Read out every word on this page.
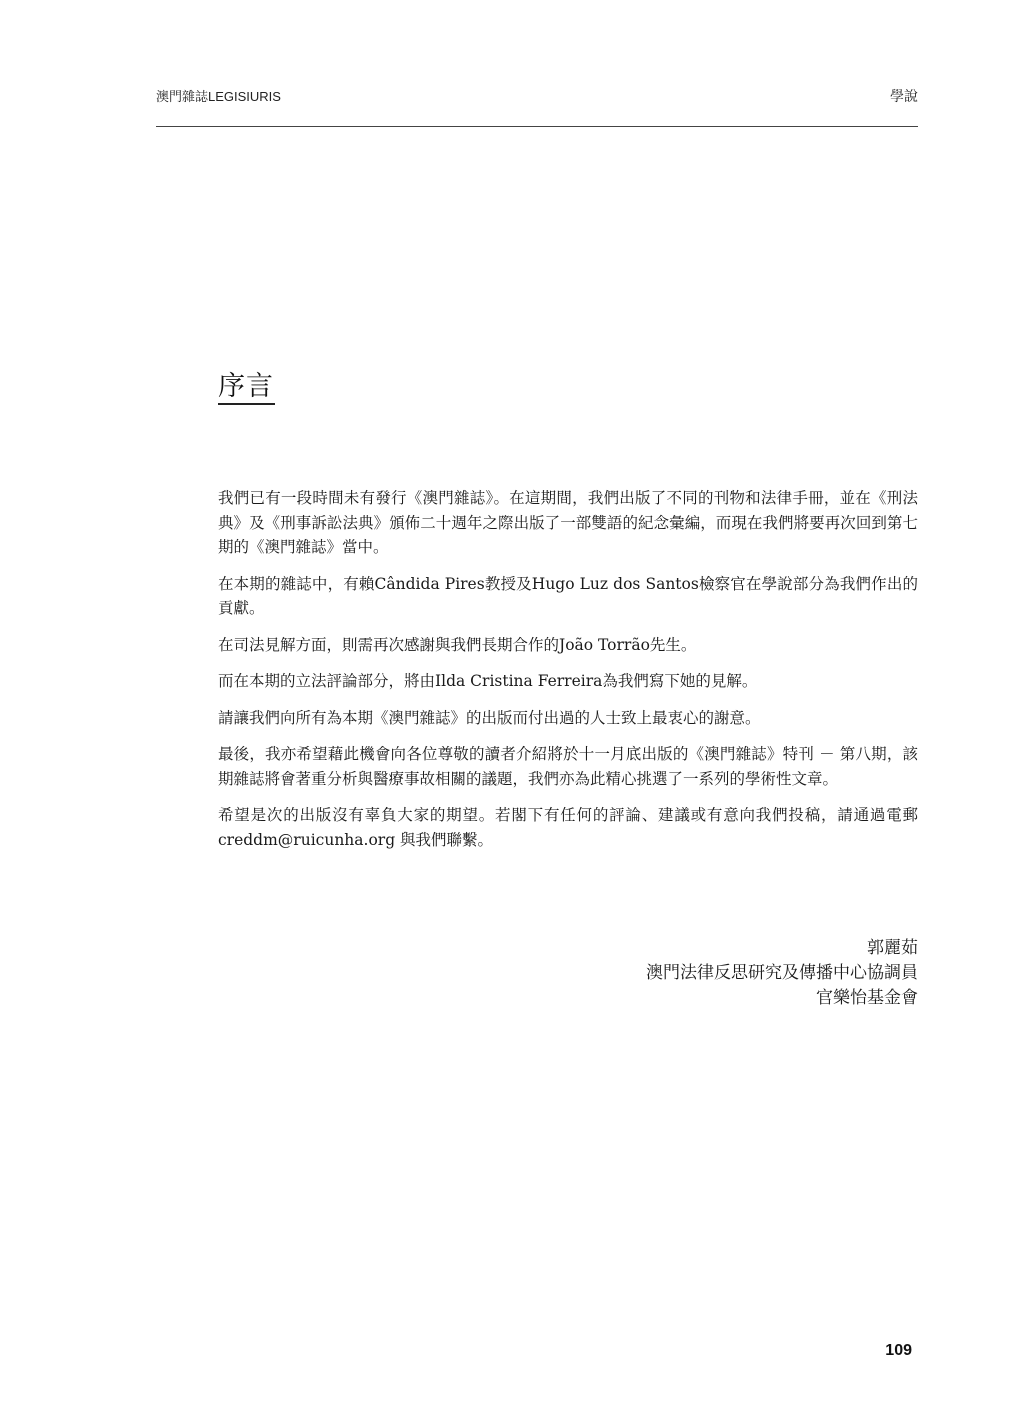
澳門雜誌LEGISIURIS	學說
序言

我們已有一段時間未有發行《澳門雜誌》。在這期間，我們出版了不同的刊物和法律手冊，並在《刑法典》及《刑事訴訟法典》頒佈二十週年之際出版了一部雙語的紀念彙編，而現在我們將要再次回到第七期的《澳門雜誌》當中。

在本期的雜誌中，有賴Cândida Pires教授及Hugo Luz dos Santos檢察官在學說部分為我們作出的貢獻。

在司法見解方面，則需再次感謝與我們長期合作的João Torrão先生。

而在本期的立法評論部分，將由Ilda Cristina Ferreira為我們寫下她的見解。

請讓我們向所有為本期《澳門雜誌》的出版而付出過的人士致上最衷心的謝意。

最後，我亦希望藉此機會向各位尊敬的讀者介紹將於十一月底出版的《澳門雜誌》特刊 － 第八期，該期雜誌將會著重分析與醫療事故相關的議題，我們亦為此精心挑選了一系列的學術性文章。

希望是次的出版沒有辜負大家的期望。若閣下有任何的評論、建議或有意向我們投稿，請通過電郵creddm@ruicunha.org 與我們聯繫。

郭麗茹
澳門法律反思研究及傳播中心協調員
官樂怡基金會
109
